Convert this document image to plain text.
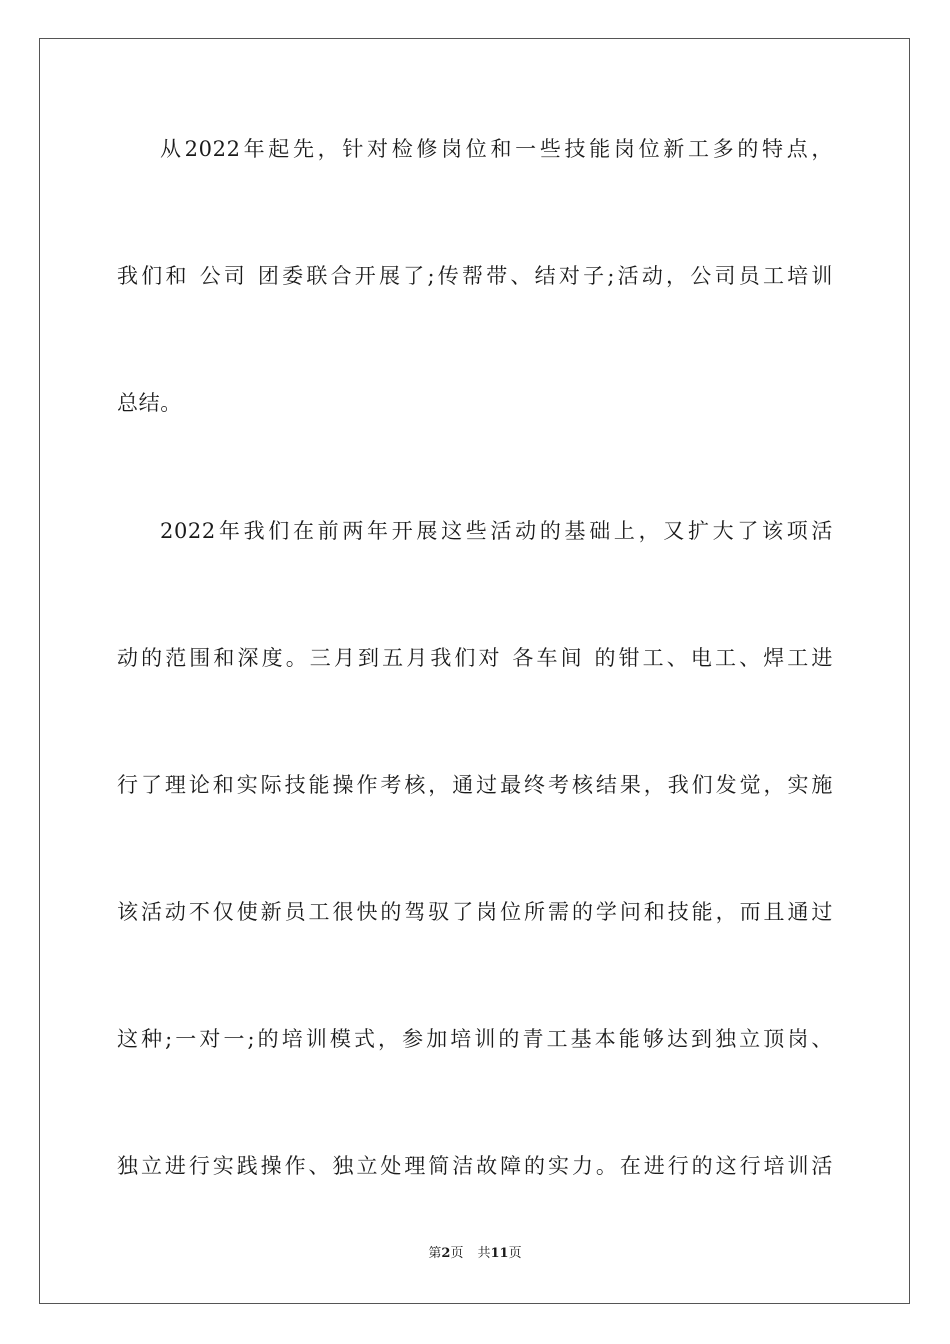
从2022年起先，针对检修岗位和一些技能岗位新工多的特点，
我们和 公司 团委联合开展了;传帮带、结对子;活动，公司员工培训
总结。
2022年我们在前两年开展这些活动的基础上，又扩大了该项活
动的范围和深度。三月到五月我们对 各车间 的钳工、电工、焊工进
行了理论和实际技能操作考核，通过最终考核结果，我们发觉，实施
该活动不仅使新员工很快的驾驭了岗位所需的学问和技能，而且通过
这种;一对一;的培训模式，参加培训的青工基本能够达到独立顶岗、
独立进行实践操作、独立处理简洁故障的实力。在进行的这行培训活
第2页 共11页
